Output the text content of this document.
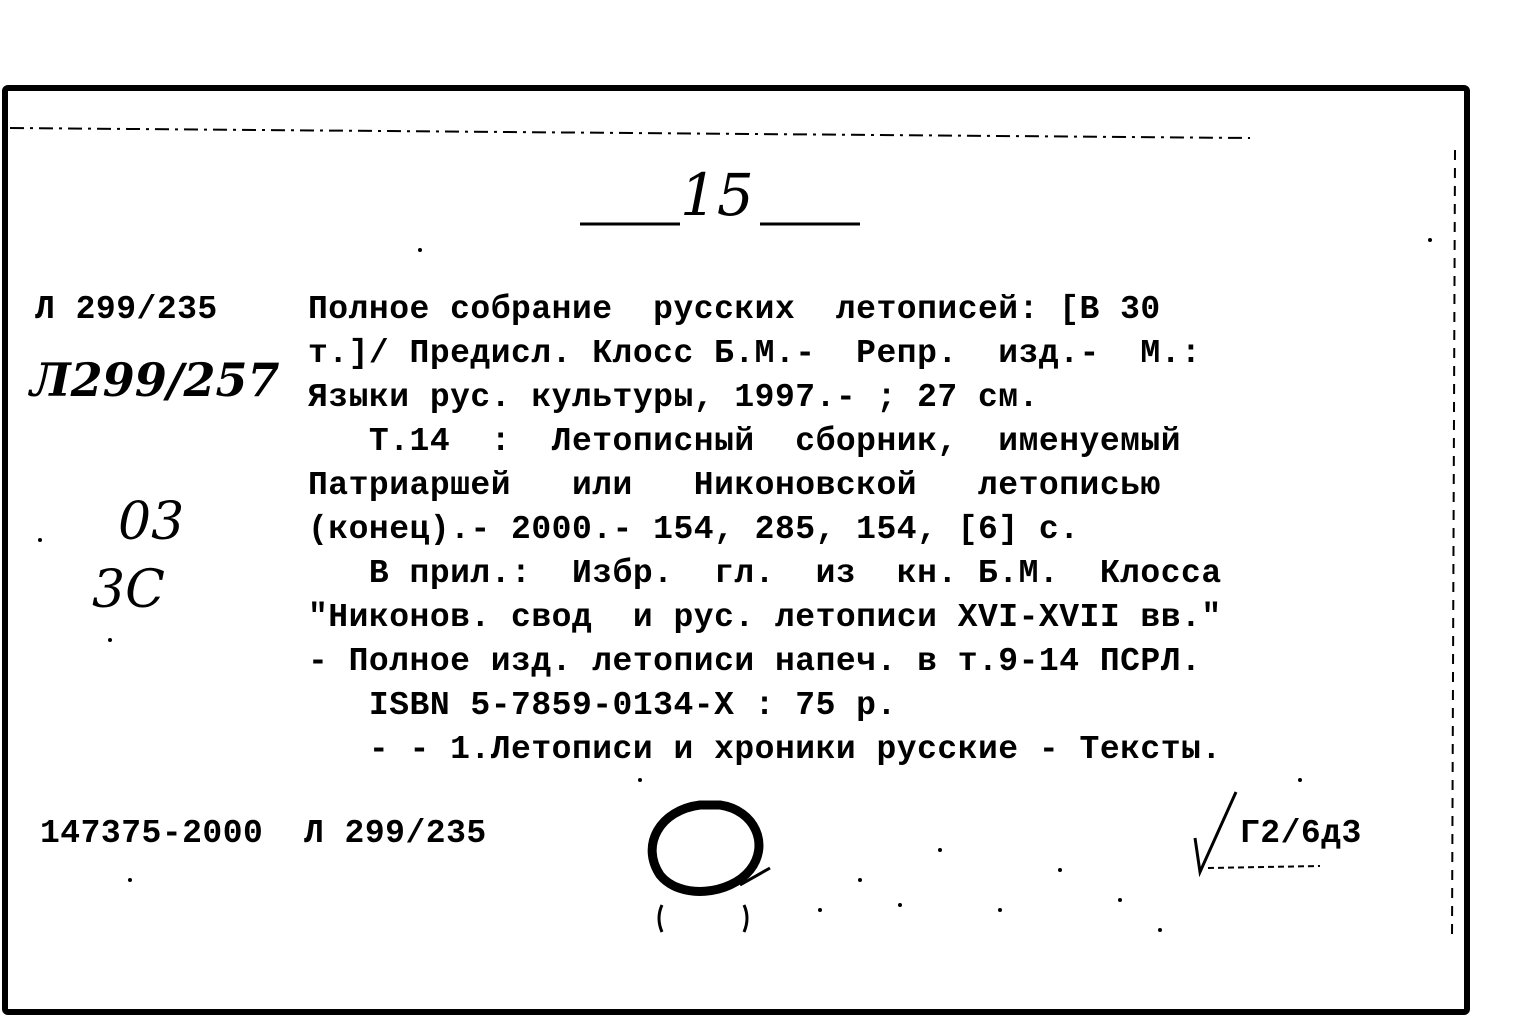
15
Л 299/235
Л299/257
03
3С
Полное собрание  русских  летописей: [В 30
т.]/ Предисл. Клосс Б.М.-  Репр.  изд.-  М.:
Языки рус. культуры, 1997.- ; 27 см.
Т.14  :  Летописный  сборник,  именуемый
Патриаршей   или   Никоновской   летописью
(конец).- 2000.- 154, 285, 154, [6] с.
В прил.:  Избр.  гл.  из  кн. Б.М.  Клосса
"Никонов. свод  и рус. летописи XVI-XVII вв."
- Полное изд. летописи напеч. в т.9-14 ПСРЛ.
ISBN 5-7859-0134-X : 75 р.
- - 1.Летописи и хроники русские - Тексты.
147375-2000  Л 299/235	Г2/6д3
